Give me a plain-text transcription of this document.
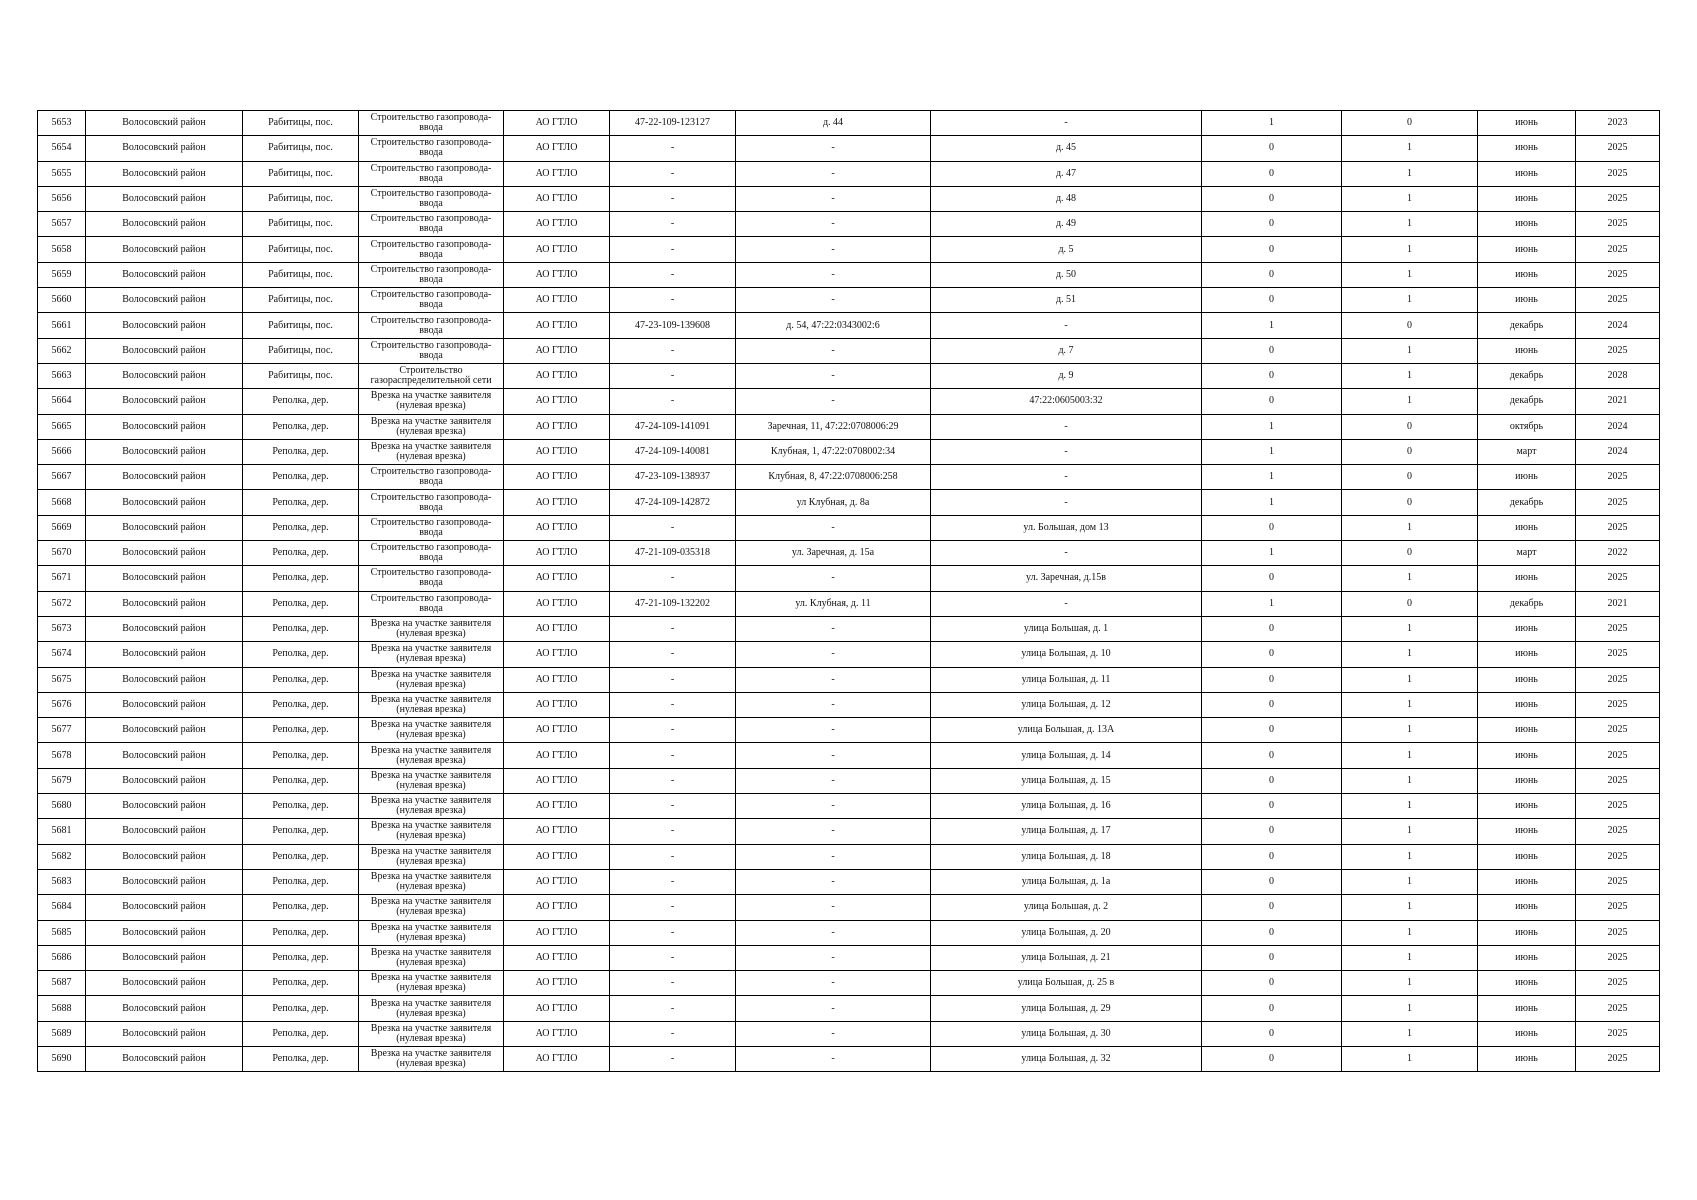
5653	Волосовский район	Рабитицы, пос.	Строительство газопровода-ввода	АО ГТЛО	47-22-109-123127	д. 44	-	1	0	июнь	2023
5654	Волосовский район	Рабитицы, пос.	Строительство газопровода-ввода	АО ГТЛО	-	-	д. 45	0	1	июнь	2025
5655	Волосовский район	Рабитицы, пос.	Строительство газопровода-ввода	АО ГТЛО	-	-	д. 47	0	1	июнь	2025
5656	Волосовский район	Рабитицы, пос.	Строительство газопровода-ввода	АО ГТЛО	-	-	д. 48	0	1	июнь	2025
5657	Волосовский район	Рабитицы, пос.	Строительство газопровода-ввода	АО ГТЛО	-	-	д. 49	0	1	июнь	2025
5658	Волосовский район	Рабитицы, пос.	Строительство газопровода-ввода	АО ГТЛО	-	-	д. 5	0	1	июнь	2025
5659	Волосовский район	Рабитицы, пос.	Строительство газопровода-ввода	АО ГТЛО	-	-	д. 50	0	1	июнь	2025
5660	Волосовский район	Рабитицы, пос.	Строительство газопровода-ввода	АО ГТЛО	-	-	д. 51	0	1	июнь	2025
5661	Волосовский район	Рабитицы, пос.	Строительство газопровода-ввода	АО ГТЛО	47-23-109-139608	д. 54, 47:22:0343002:6	-	1	0	декабрь	2024
5662	Волосовский район	Рабитицы, пос.	Строительство газопровода-ввода	АО ГТЛО	-	-	д. 7	0	1	июнь	2025
5663	Волосовский район	Рабитицы, пос.	Строительство газораспределительной сети	АО ГТЛО	-	-	д. 9	0	1	декабрь	2028
5664	Волосовский район	Реполка, дер.	Врезка на участке заявителя (нулевая врезка)	АО ГТЛО	-	-	47:22:0605003:32	0	1	декабрь	2021
5665	Волосовский район	Реполка, дер.	Врезка на участке заявителя (нулевая врезка)	АО ГТЛО	47-24-109-141091	Заречная, 11, 47:22:0708006:29	-	1	0	октябрь	2024
5666	Волосовский район	Реполка, дер.	Врезка на участке заявителя (нулевая врезка)	АО ГТЛО	47-24-109-140081	Клубная, 1, 47:22:0708002:34	-	1	0	март	2024
5667	Волосовский район	Реполка, дер.	Строительство газопровода-ввода	АО ГТЛО	47-23-109-138937	Клубная, 8, 47:22:0708006:258	-	1	0	июнь	2025
5668	Волосовский район	Реполка, дер.	Строительство газопровода-ввода	АО ГТЛО	47-24-109-142872	ул Клубная, д. 8а	-	1	0	декабрь	2025
5669	Волосовский район	Реполка, дер.	Строительство газопровода-ввода	АО ГТЛО	-	-	ул. Большая, дом 13	0	1	июнь	2025
5670	Волосовский район	Реполка, дер.	Строительство газопровода-ввода	АО ГТЛО	47-21-109-035318	ул. Заречная, д. 15а	-	1	0	март	2022
5671	Волосовский район	Реполка, дер.	Строительство газопровода-ввода	АО ГТЛО	-	-	ул. Заречная, д.15в	0	1	июнь	2025
5672	Волосовский район	Реполка, дер.	Строительство газопровода-ввода	АО ГТЛО	47-21-109-132202	ул. Клубная, д. 11	-	1	0	декабрь	2021
5673	Волосовский район	Реполка, дер.	Врезка на участке заявителя (нулевая врезка)	АО ГТЛО	-	-	улица Большая, д. 1	0	1	июнь	2025
5674	Волосовский район	Реполка, дер.	Врезка на участке заявителя (нулевая врезка)	АО ГТЛО	-	-	улица Большая, д. 10	0	1	июнь	2025
5675	Волосовский район	Реполка, дер.	Врезка на участке заявителя (нулевая врезка)	АО ГТЛО	-	-	улица Большая, д. 11	0	1	июнь	2025
5676	Волосовский район	Реполка, дер.	Врезка на участке заявителя (нулевая врезка)	АО ГТЛО	-	-	улица Большая, д. 12	0	1	июнь	2025
5677	Волосовский район	Реполка, дер.	Врезка на участке заявителя (нулевая врезка)	АО ГТЛО	-	-	улица Большая, д. 13А	0	1	июнь	2025
5678	Волосовский район	Реполка, дер.	Врезка на участке заявителя (нулевая врезка)	АО ГТЛО	-	-	улица Большая, д. 14	0	1	июнь	2025
5679	Волосовский район	Реполка, дер.	Врезка на участке заявителя (нулевая врезка)	АО ГТЛО	-	-	улица Большая, д. 15	0	1	июнь	2025
5680	Волосовский район	Реполка, дер.	Врезка на участке заявителя (нулевая врезка)	АО ГТЛО	-	-	улица Большая, д. 16	0	1	июнь	2025
5681	Волосовский район	Реполка, дер.	Врезка на участке заявителя (нулевая врезка)	АО ГТЛО	-	-	улица Большая, д. 17	0	1	июнь	2025
5682	Волосовский район	Реполка, дер.	Врезка на участке заявителя (нулевая врезка)	АО ГТЛО	-	-	улица Большая, д. 18	0	1	июнь	2025
5683	Волосовский район	Реполка, дер.	Врезка на участке заявителя (нулевая врезка)	АО ГТЛО	-	-	улица Большая, д. 1а	0	1	июнь	2025
5684	Волосовский район	Реполка, дер.	Врезка на участке заявителя (нулевая врезка)	АО ГТЛО	-	-	улица Большая, д. 2	0	1	июнь	2025
5685	Волосовский район	Реполка, дер.	Врезка на участке заявителя (нулевая врезка)	АО ГТЛО	-	-	улица Большая, д. 20	0	1	июнь	2025
5686	Волосовский район	Реполка, дер.	Врезка на участке заявителя (нулевая врезка)	АО ГТЛО	-	-	улица Большая, д. 21	0	1	июнь	2025
5687	Волосовский район	Реполка, дер.	Врезка на участке заявителя (нулевая врезка)	АО ГТЛО	-	-	улица Большая, д. 25 в	0	1	июнь	2025
5688	Волосовский район	Реполка, дер.	Врезка на участке заявителя (нулевая врезка)	АО ГТЛО	-	-	улица Большая, д. 29	0	1	июнь	2025
5689	Волосовский район	Реполка, дер.	Врезка на участке заявителя (нулевая врезка)	АО ГТЛО	-	-	улица Большая, д. 30	0	1	июнь	2025
5690	Волосовский район	Реполка, дер.	Врезка на участке заявителя (нулевая врезка)	АО ГТЛО	-	-	улица Большая, д. 32	0	1	июнь	2025
